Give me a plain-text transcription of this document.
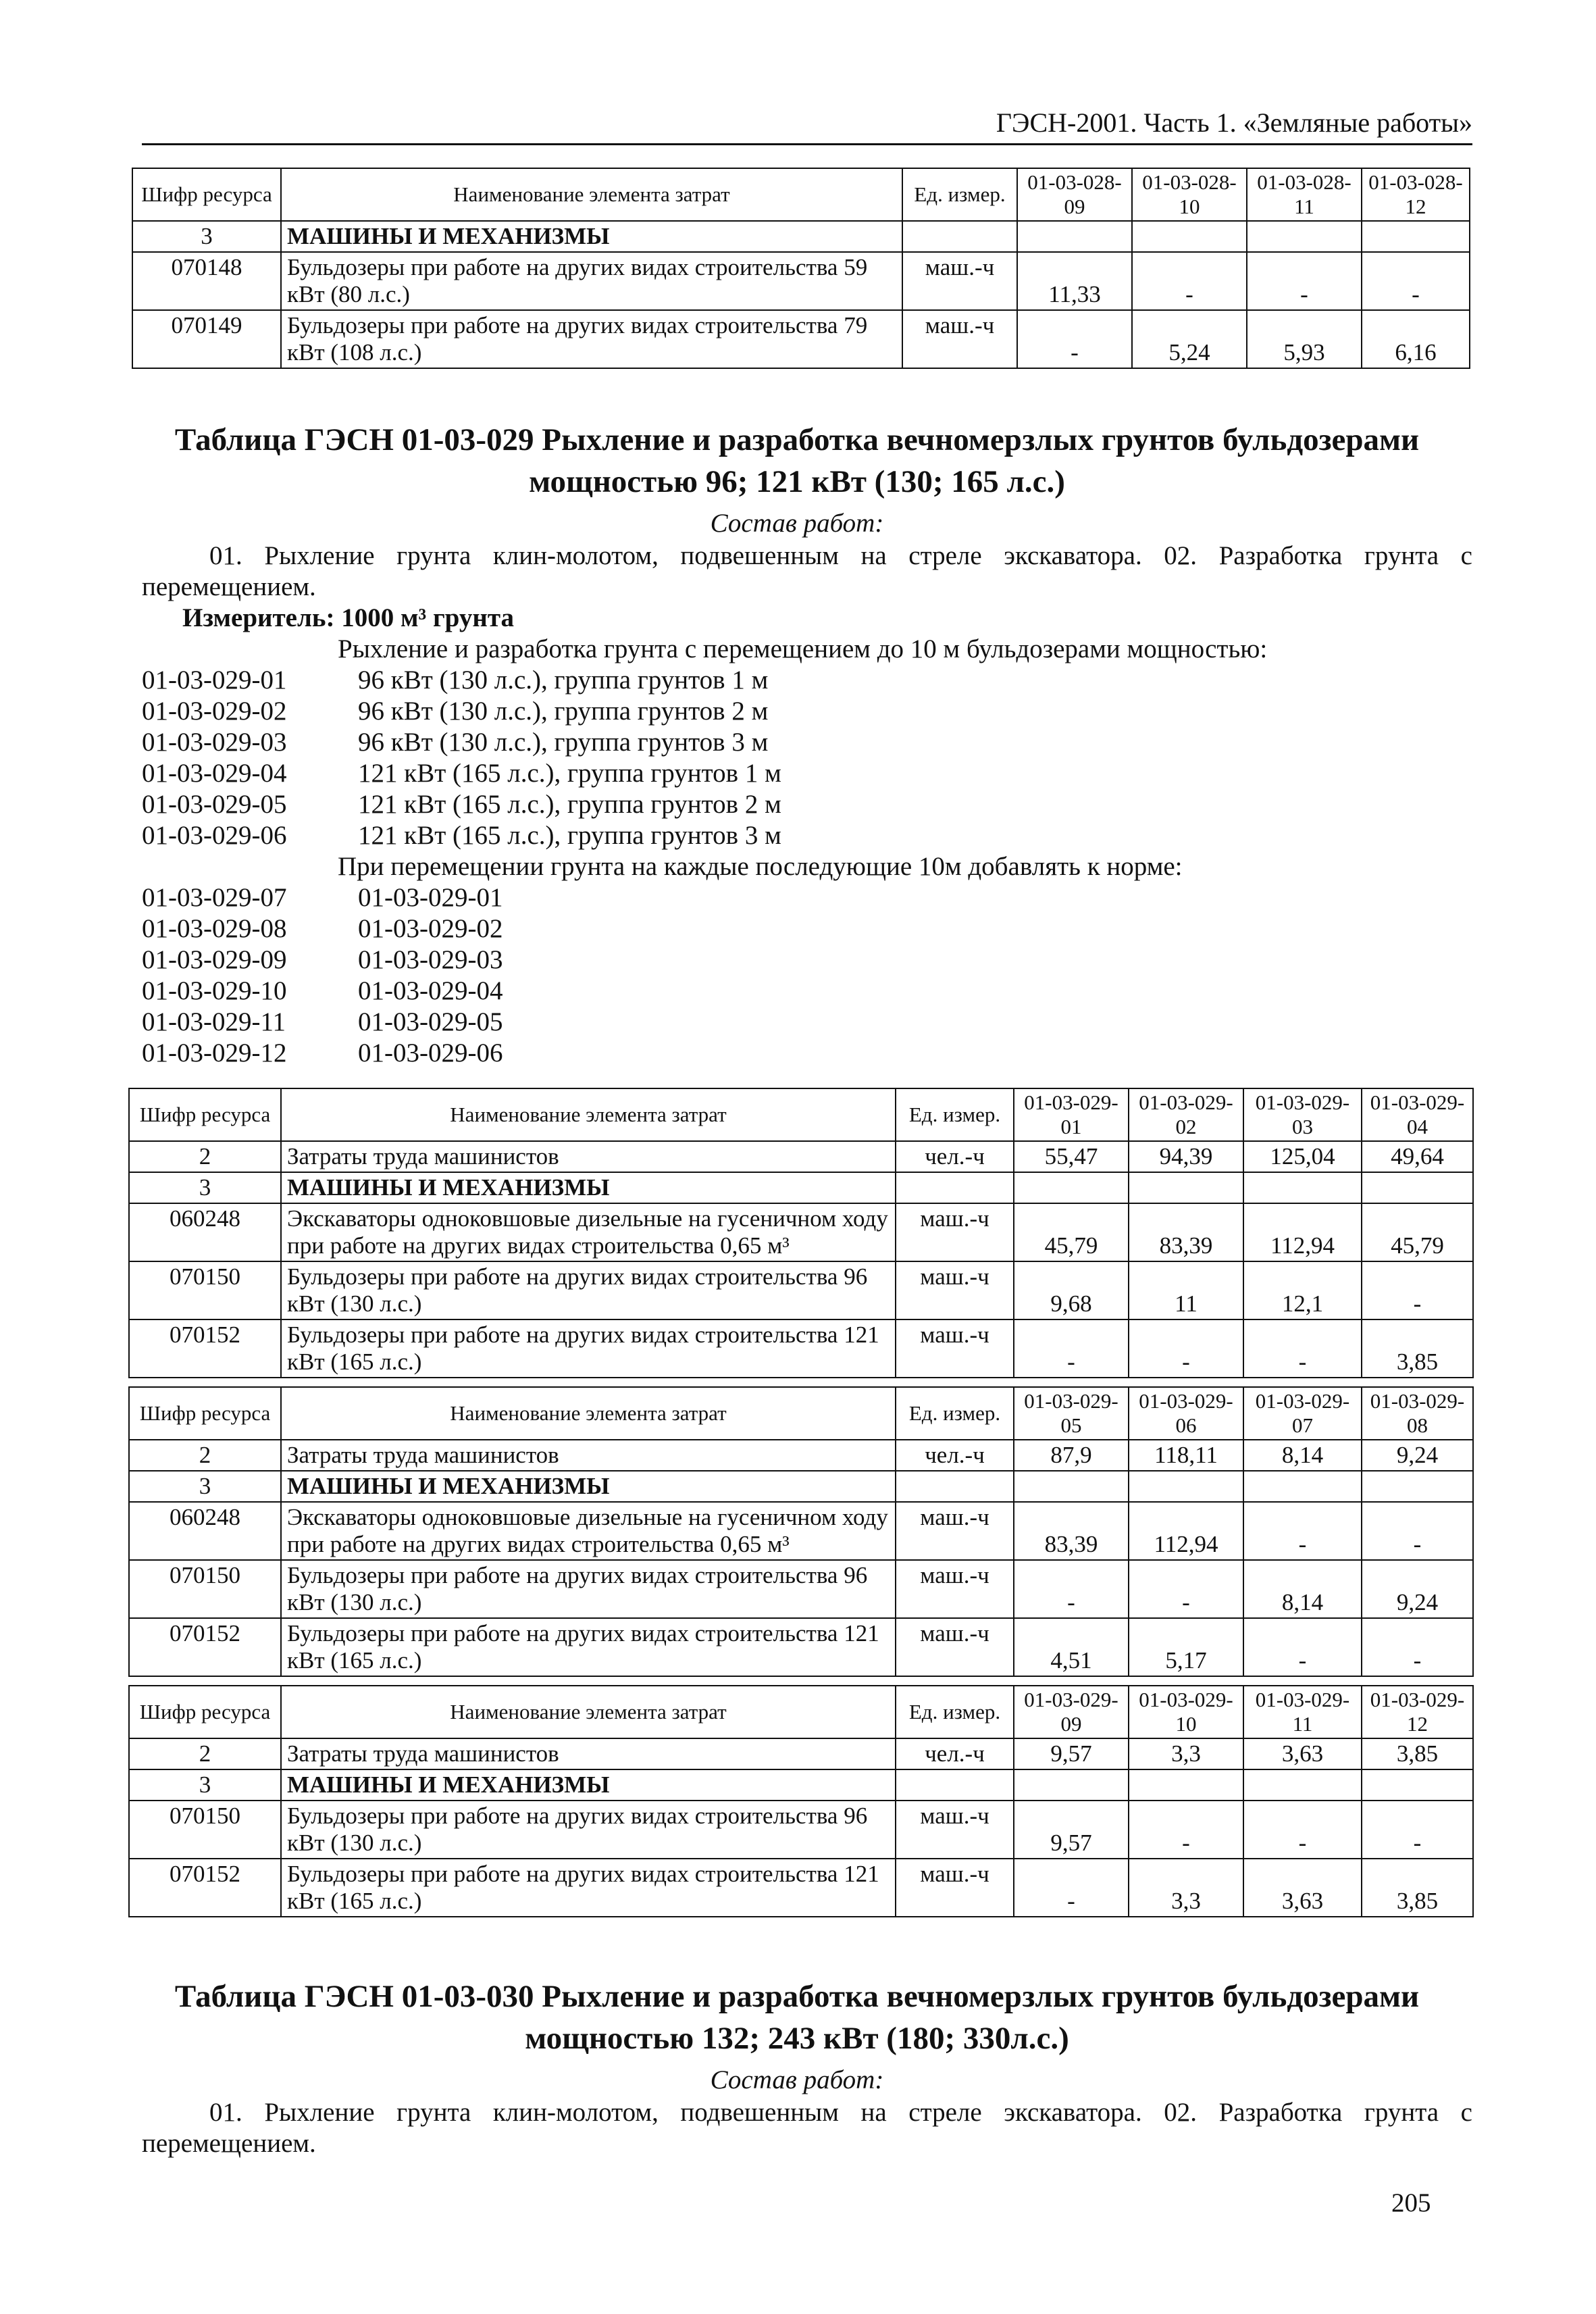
ГЭСН-2001. Часть 1. «Земляные работы»
Шифр ресурса	Наименование элемента затрат	Ед. измер.	01-03-028-09	01-03-028-10	01-03-028-11	01-03-028-12
3	МАШИНЫ И МЕХАНИЗМЫ					
070148	Бульдозеры при работе на других видах строительства 59 кВт (80 л.с.)	маш.-ч	11,33	-	-	-
070149	Бульдозеры при работе на других видах строительства 79 кВт (108 л.с.)	маш.-ч	-	5,24	5,93	6,16
Таблица ГЭСН 01-03-029 Рыхление и разработка вечномерзлых грунтов бульдозерами мощностью 96; 121 кВт (130; 165 л.с.)
Состав работ:
01. Рыхление грунта клин-молотом, подвешенным на стреле экскаватора. 02. Разработка грунта с перемещением.
Измеритель: 1000 м³ грунта
Рыхление и разработка грунта с перемещением до 10 м бульдозерами мощностью:
01-03-029-01	96 кВт (130 л.с.), группа грунтов 1 м
01-03-029-02	96 кВт (130 л.с.), группа грунтов 2 м
01-03-029-03	96 кВт (130 л.с.), группа грунтов 3 м
01-03-029-04	121 кВт (165 л.с.), группа грунтов 1 м
01-03-029-05	121 кВт (165 л.с.), группа грунтов 2 м
01-03-029-06	121 кВт (165 л.с.), группа грунтов 3 м
При перемещении грунта на каждые последующие 10м добавлять к норме:
01-03-029-07	01-03-029-01
01-03-029-08	01-03-029-02
01-03-029-09	01-03-029-03
01-03-029-10	01-03-029-04
01-03-029-11	01-03-029-05
01-03-029-12	01-03-029-06
Шифр ресурса	Наименование элемента затрат	Ед. измер.	01-03-029-01	01-03-029-02	01-03-029-03	01-03-029-04
2	Затраты труда машинистов	чел.-ч	55,47	94,39	125,04	49,64
3	МАШИНЫ И МЕХАНИЗМЫ					
060248	Экскаваторы одноковшовые дизельные на гусеничном ходу при работе на других видах строительства 0,65 м³	маш.-ч	45,79	83,39	112,94	45,79
070150	Бульдозеры при работе на других видах строительства 96 кВт (130 л.с.)	маш.-ч	9,68	11	12,1	-
070152	Бульдозеры при работе на других видах строительства 121 кВт (165 л.с.)	маш.-ч	-	-	-	3,85
Шифр ресурса	Наименование элемента затрат	Ед. измер.	01-03-029-05	01-03-029-06	01-03-029-07	01-03-029-08
2	Затраты труда машинистов	чел.-ч	87,9	118,11	8,14	9,24
3	МАШИНЫ И МЕХАНИЗМЫ					
060248	Экскаваторы одноковшовые дизельные на гусеничном ходу при работе на других видах строительства 0,65 м³	маш.-ч	83,39	112,94	-	-
070150	Бульдозеры при работе на других видах строительства 96 кВт (130 л.с.)	маш.-ч	-	-	8,14	9,24
070152	Бульдозеры при работе на других видах строительства 121 кВт (165 л.с.)	маш.-ч	4,51	5,17	-	-
Шифр ресурса	Наименование элемента затрат	Ед. измер.	01-03-029-09	01-03-029-10	01-03-029-11	01-03-029-12
2	Затраты труда машинистов	чел.-ч	9,57	3,3	3,63	3,85
3	МАШИНЫ И МЕХАНИЗМЫ					
070150	Бульдозеры при работе на других видах строительства 96 кВт (130 л.с.)	маш.-ч	9,57	-	-	-
070152	Бульдозеры при работе на других видах строительства 121 кВт (165 л.с.)	маш.-ч	-	3,3	3,63	3,85
Таблица ГЭСН 01-03-030 Рыхление и разработка вечномерзлых грунтов бульдозерами мощностью 132; 243 кВт (180; 330л.с.)
Состав работ:
01. Рыхление грунта клин-молотом, подвешенным на стреле экскаватора. 02. Разработка грунта с перемещением.
205
